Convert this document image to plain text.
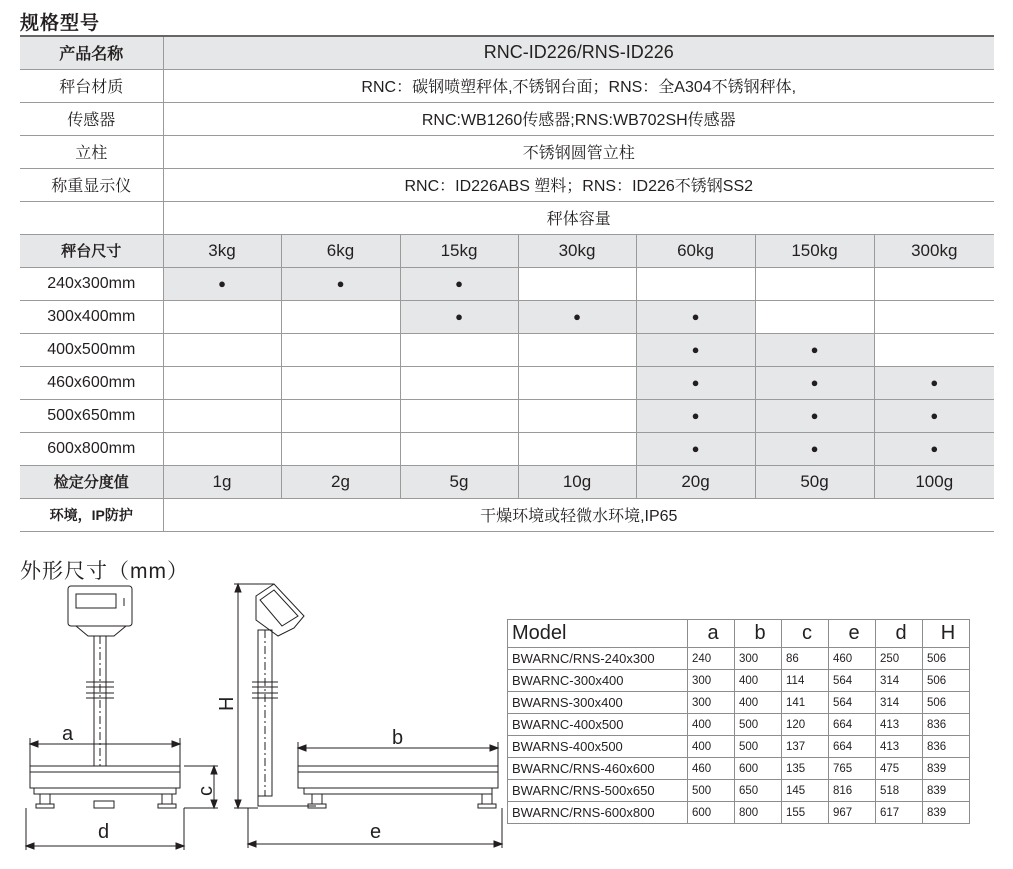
规格型号
产品名称	RNC-ID226/RNS-ID226						
秤台材质	RNC：碳钢喷塑秤体,不锈钢台面；RNS：全A304不锈钢秤体,						
传感器	RNC:WB1260传感器;RNS:WB702SH传感器						
立柱	不锈钢圆管立柱						
称重显示仪	RNC：ID226ABS 塑料；RNS：ID226不锈钢SS2						
	秤体容量						
秤台尺寸	3kg	6kg	15kg	30kg	60kg	150kg	300kg
240x300mm	●	●	●				
300x400mm			●	●	●		
400x500mm					●	●	
460x600mm					●	●	●
500x650mm					●	●	●
600x800mm					●	●	●
检定分度值	1g	2g	5g	10g	20g	50g	100g
环境，IP防护	干燥环境或轻微水环境,IP65						
外形尺寸（mm）
a
d
c
H
b
e
Model	a	b	c	e	d	H
BWARNC/RNS-240x300	240	300	86	460	250	506
BWARNC-300x400	300	400	114	564	314	506
BWARNS-300x400	300	400	141	564	314	506
BWARNC-400x500	400	500	120	664	413	836
BWARNS-400x500	400	500	137	664	413	836
BWARNC/RNS-460x600	460	600	135	765	475	839
BWARNC/RNS-500x650	500	650	145	816	518	839
BWARNC/RNS-600x800	600	800	155	967	617	839
